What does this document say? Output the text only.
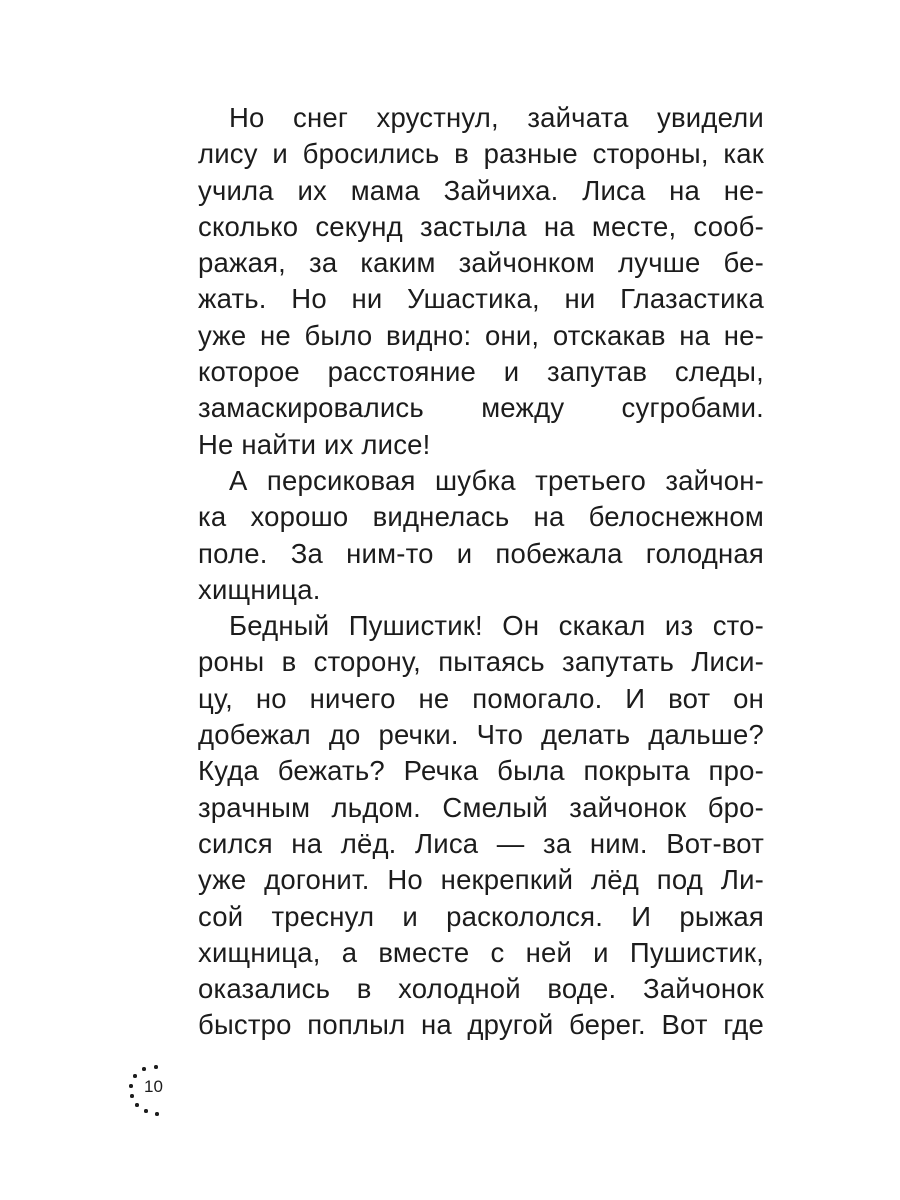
Но снег хрустнул, зайчата увидели
лису и бросились в разные стороны, как
учила их мама Зайчиха. Лиса на не-
сколько секунд застыла на месте, сооб-
ражая, за каким зайчонком лучше бе-
жать. Но ни Ушастика, ни Глазастика
уже не было видно: они, отскакав на не-
которое расстояние и запутав следы,
замаскировались между сугробами.
Не найти их лисе!

А персиковая шубка третьего зайчон-
ка хорошо виднелась на белоснежном
поле. За ним-то и побежала голодная
хищница.

Бедный Пушистик! Он скакал из сто-
роны в сторону, пытаясь запутать Лиси-
цу, но ничего не помогало. И вот он
добежал до речки. Что делать дальше?
Куда бежать? Речка была покрыта про-
зрачным льдом. Смелый зайчонок бро-
сился на лёд. Лиса — за ним. Вот-вот
уже догонит. Но некрепкий лёд под Ли-
сой треснул и раскололся. И рыжая
хищница, а вместе с ней и Пушистик,
оказались в холодной воде. Зайчонок
быстро поплыл на другой берег. Вот где

10
